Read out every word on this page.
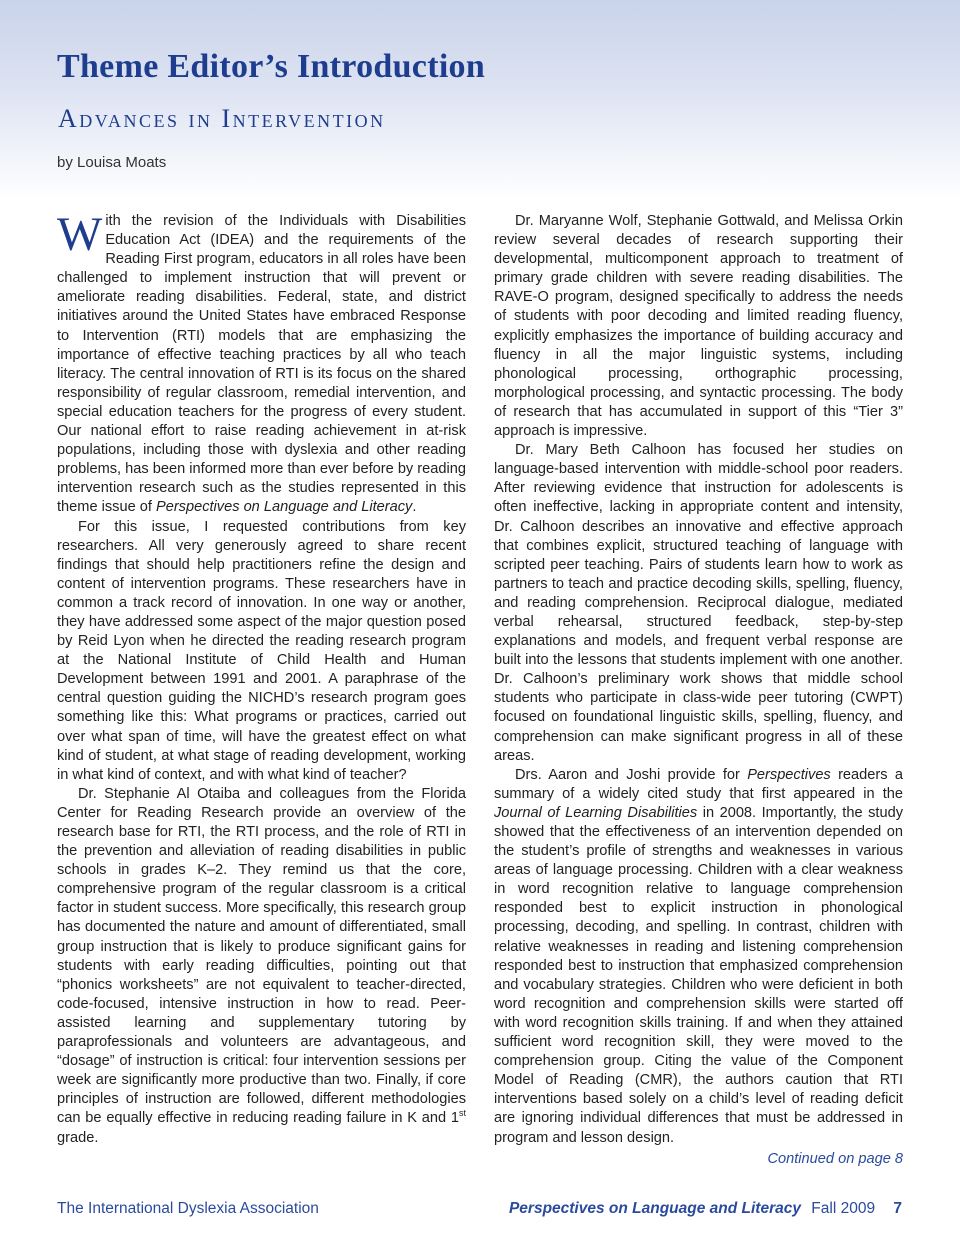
Theme Editor’s Introduction
Advances in Intervention

by Louisa Moats

With the revision of the Individuals with Disabilities Education Act (IDEA) and the requirements of the Reading First program, educators in all roles have been challenged to implement instruction that will prevent or ameliorate reading disabilities. Federal, state, and district initiatives around the United States have embraced Response to Intervention (RTI) models that are emphasizing the importance of effective teaching practices by all who teach literacy. The central innovation of RTI is its focus on the shared responsibility of regular classroom, remedial intervention, and special education teachers for the progress of every student. Our national effort to raise reading achievement in at-risk populations, including those with dyslexia and other reading problems, has been informed more than ever before by reading intervention research such as the studies represented in this theme issue of Perspectives on Language and Literacy.

For this issue, I requested contributions from key researchers. All very generously agreed to share recent findings that should help practitioners refine the design and content of intervention programs. These researchers have in common a track record of innovation. In one way or another, they have addressed some aspect of the major question posed by Reid Lyon when he directed the reading research program at the National Institute of Child Health and Human Development between 1991 and 2001. A paraphrase of the central question guiding the NICHD’s research program goes something like this: What programs or practices, carried out over what span of time, will have the greatest effect on what kind of student, at what stage of reading development, working in what kind of context, and with what kind of teacher?

Dr. Stephanie Al Otaiba and colleagues from the Florida Center for Reading Research provide an overview of the research base for RTI, the RTI process, and the role of RTI in the prevention and alleviation of reading disabilities in public schools in grades K–2. They remind us that the core, comprehensive program of the regular classroom is a critical factor in student success. More specifically, this research group has documented the nature and amount of differentiated, small group instruction that is likely to produce significant gains for students with early reading difficulties, pointing out that “phonics worksheets” are not equivalent to teacher-directed, code-focused, intensive instruction in how to read. Peer-assisted learning and supplementary tutoring by paraprofessionals and volunteers are advantageous, and “dosage” of instruction is critical: four intervention sessions per week are significantly more productive than two. Finally, if core principles of instruction are followed, different methodologies can be equally effective in reducing reading failure in K and 1st grade.

Dr. Maryanne Wolf, Stephanie Gottwald, and Melissa Orkin review several decades of research supporting their developmental, multicomponent approach to treatment of primary grade children with severe reading disabilities. The RAVE-O program, designed specifically to address the needs of students with poor decoding and limited reading fluency, explicitly emphasizes the importance of building accuracy and fluency in all the major linguistic systems, including phonological processing, orthographic processing, morphological processing, and syntactic processing. The body of research that has accumulated in support of this “Tier 3” approach is impressive.

Dr. Mary Beth Calhoon has focused her studies on language-based intervention with middle-school poor readers. After reviewing evidence that instruction for adolescents is often ineffective, lacking in appropriate content and intensity, Dr. Calhoon describes an innovative and effective approach that combines explicit, structured teaching of language with scripted peer teaching. Pairs of students learn how to work as partners to teach and practice decoding skills, spelling, fluency, and reading comprehension. Reciprocal dialogue, mediated verbal rehearsal, structured feedback, step-by-step explanations and models, and frequent verbal response are built into the lessons that students implement with one another. Dr. Calhoon’s preliminary work shows that middle school students who participate in class-wide peer tutoring (CWPT) focused on foundational linguistic skills, spelling, fluency, and comprehension can make significant progress in all of these areas.

Drs. Aaron and Joshi provide for Perspectives readers a summary of a widely cited study that first appeared in the Journal of Learning Disabilities in 2008. Importantly, the study showed that the effectiveness of an intervention depended on the student’s profile of strengths and weaknesses in various areas of language processing. Children with a clear weakness in word recognition relative to language comprehension responded best to explicit instruction in phonological processing, decoding, and spelling. In contrast, children with relative weaknesses in reading and listening comprehension responded best to instruction that emphasized comprehension and vocabulary strategies. Children who were deficient in both word recognition and comprehension skills were started off with word recognition skills training. If and when they attained sufficient word recognition skill, they were moved to the comprehension group. Citing the value of the Component Model of Reading (CMR), the authors caution that RTI interventions based solely on a child’s level of reading deficit are ignoring individual differences that must be addressed in program and lesson design.

Continued on page 8

The International Dyslexia Association	Perspectives on Language and Literacy Fall 2009 7
